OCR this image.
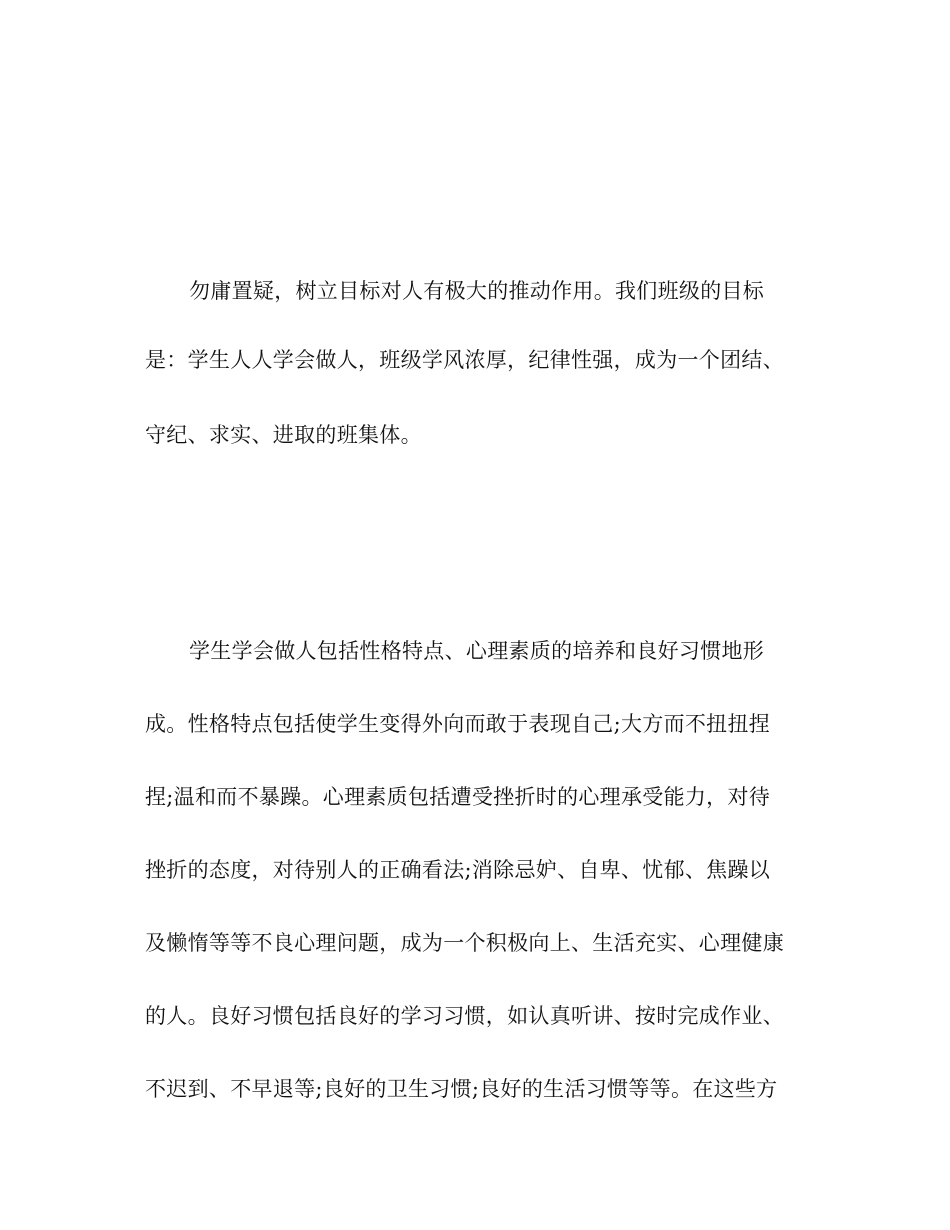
勿庸置疑，树立目标对人有极大的推动作用。我们班级的目标
是：学生人人学会做人，班级学风浓厚，纪律性强，成为一个团结、
守纪、求实、进取的班集体。
学生学会做人包括性格特点、心理素质的培养和良好习惯地形
成。性格特点包括使学生变得外向而敢于表现自己;大方而不扭扭捏
捏;温和而不暴躁。心理素质包括遭受挫折时的心理承受能力，对待
挫折的态度，对待别人的正确看法;消除忌妒、自卑、忧郁、焦躁以
及懒惰等等不良心理问题，成为一个积极向上、生活充实、心理健康
的人。良好习惯包括良好的学习习惯，如认真听讲、按时完成作业、
不迟到、不早退等;良好的卫生习惯;良好的生活习惯等等。在这些方
